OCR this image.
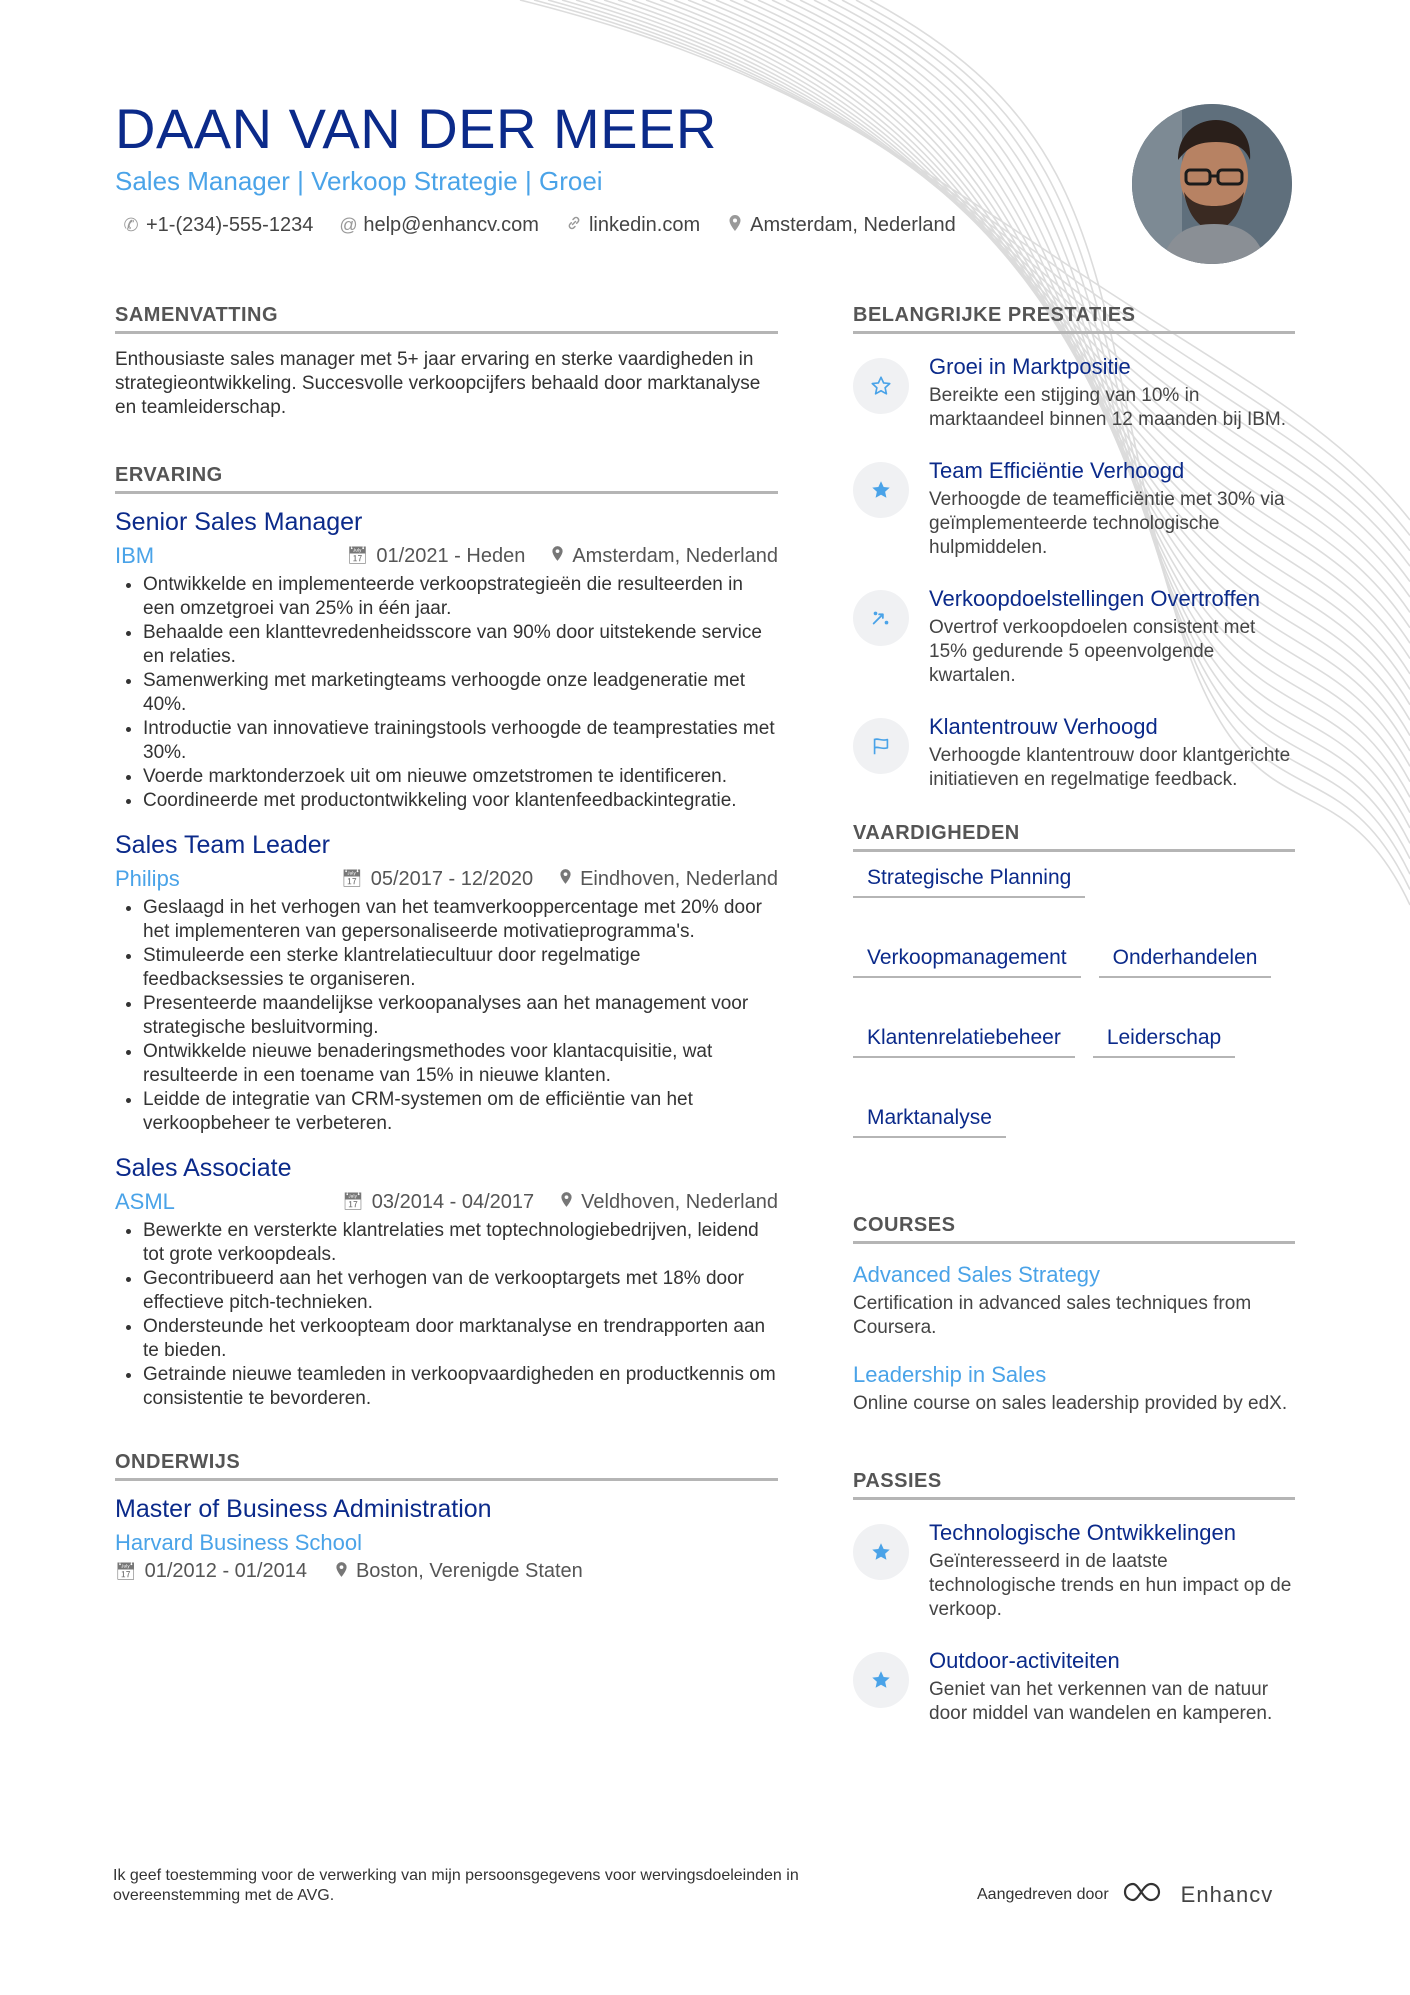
DAAN VAN DER MEER
Sales Manager | Verkoop Strategie | Groei
✆ +1-(234)-555-1234 @ help@enhancv.com	linkedin.com	Amsterdam, Nederland
SAMENVATTING

Enthousiaste sales manager met 5+ jaar ervaring en sterke vaardigheden in strategieontwikkeling. Succesvolle verkoopcijfers behaald door marktanalyse en teamleiderschap.

ERVARING
Senior Sales Manager
IBM	📅︎ 01/2021 - Heden Amsterdam, Nederland
• Ontwikkelde en implementeerde verkoopstrategieën die resulteerden in een omzetgroei van 25% in één jaar.
• Behaalde een klanttevredenheidsscore van 90% door uitstekende service en relaties.
• Samenwerking met marketingteams verhoogde onze leadgeneratie met 40%.
• Introductie van innovatieve trainingstools verhoogde de teamprestaties met 30%.
• Voerde marktonderzoek uit om nieuwe omzetstromen te identificeren.
• Coordineerde met productontwikkeling voor klantenfeedbackintegratie.
Sales Team Leader
Philips	📅︎ 05/2017 - 12/2020 Eindhoven, Nederland
• Geslaagd in het verhogen van het teamverkooppercentage met 20% door het implementeren van gepersonaliseerde motivatieprogramma's.
• Stimuleerde een sterke klantrelatiecultuur door regelmatige feedbacksessies te organiseren.
• Presenteerde maandelijkse verkoopanalyses aan het management voor strategische besluitvorming.
• Ontwikkelde nieuwe benaderingsmethodes voor klantacquisitie, wat resulteerde in een toename van 15% in nieuwe klanten.
• Leidde de integratie van CRM-systemen om de efficiëntie van het verkoopbeheer te verbeteren.
Sales Associate
ASML	📅︎ 03/2014 - 04/2017 Veldhoven, Nederland
• Bewerkte en versterkte klantrelaties met toptechnologiebedrijven, leidend tot grote verkoopdeals.
• Gecontribueerd aan het verhogen van de verkooptargets met 18% door effectieve pitch-technieken.
• Ondersteunde het verkoopteam door marktanalyse en trendrapporten aan te bieden.
• Getrainde nieuwe teamleden in verkoopvaardigheden en productkennis om consistentie te bevorderen.
ONDERWIJS
Master of Business Administration
Harvard Business School
📅︎ 01/2012 - 01/2014 Boston, Verenigde Staten
BELANGRIJKE PRESTATIES
Groei in Marktpositie
Bereikte een stijging van 10% in marktaandeel binnen 12 maanden bij IBM.
Team Efficiëntie Verhoogd
Verhoogde de teamefficiëntie met 30% via geïmplementeerde technologische hulpmiddelen.
Verkoopdoelstellingen Overtroffen
Overtrof verkoopdoelen consistent met 15% gedurende 5 opeenvolgende kwartalen.
Klantentrouw Verhoogd
Verhoogde klantentrouw door klantgerichte initiatieven en regelmatige feedback.
VAARDIGHEDEN
Strategische Planning
Verkoopmanagement	Onderhandelen
Klantenrelatiebeheer	Leiderschap
Marktanalyse
COURSES
Advanced Sales Strategy
Certification in advanced sales techniques from Coursera.
Leadership in Sales
Online course on sales leadership provided by edX.
PASSIES
Technologische Ontwikkelingen
Geïnteresseerd in de laatste technologische trends en hun impact op de verkoop.
Outdoor-activiteiten
Geniet van het verkennen van de natuur door middel van wandelen en kamperen.
Ik geef toestemming voor de verwerking van mijn persoonsgegevens voor wervingsdoeleinden in overeenstemming met de AVG.	Aangedreven door	Enhancv
